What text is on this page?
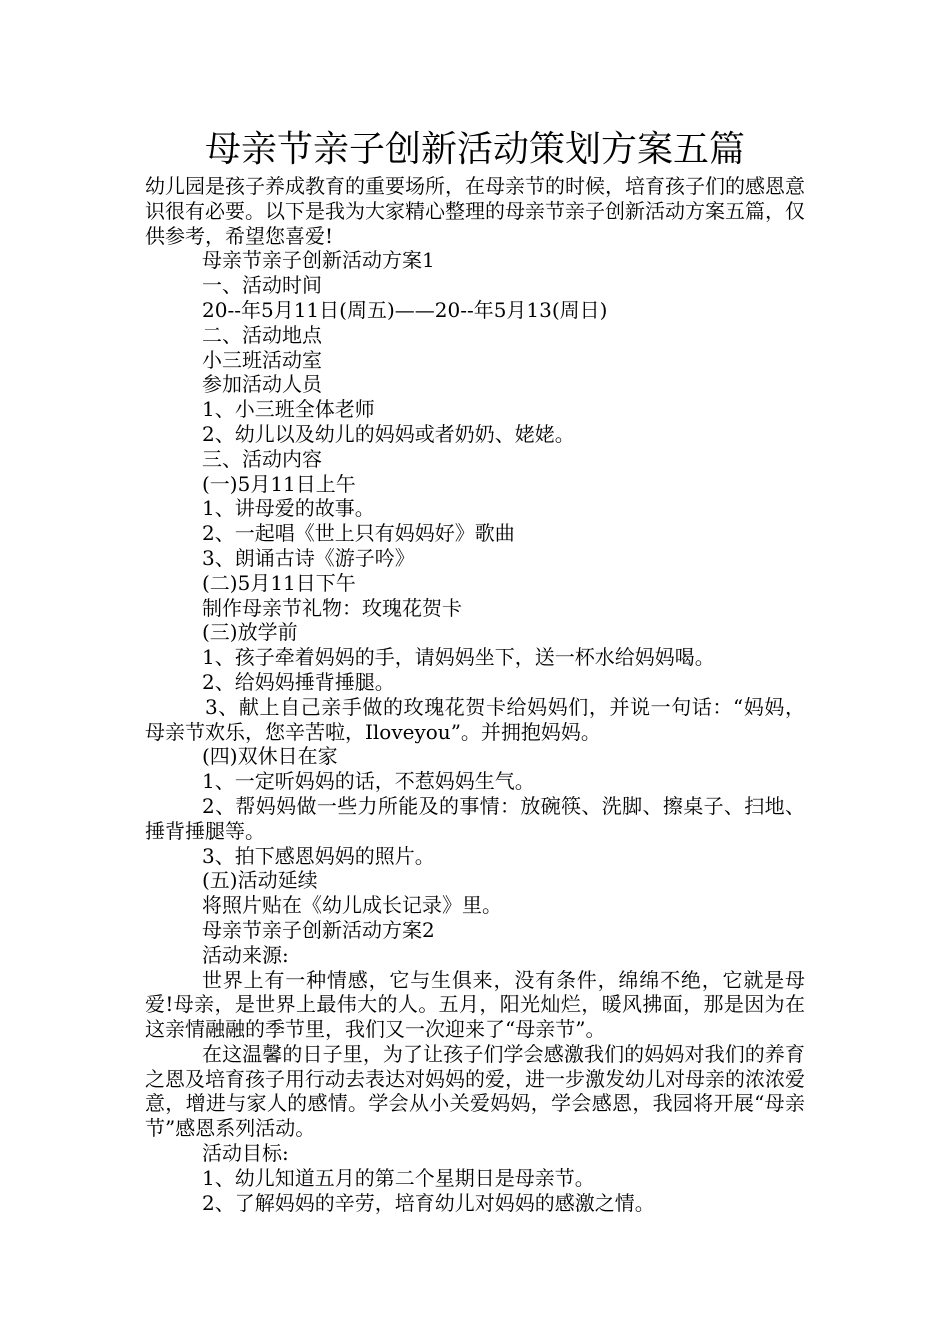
母亲节亲子创新活动策划方案五篇

幼儿园是孩子养成教育的重要场所，在母亲节的时候，培育孩子们的感恩意识很有必要。以下是我为大家精心整理的母亲节亲子创新活动方案五篇，仅供参考，希望您喜爱!

母亲节亲子创新活动方案1

一、活动时间

20--年5月11日(周五)——20--年5月13(周日)

二、活动地点

小三班活动室

参加活动人员

1、小三班全体老师

2、幼儿以及幼儿的妈妈或者奶奶、姥姥。

三、活动内容

(一)5月11日上午

1、讲母爱的故事。

2、一起唱《世上只有妈妈好》歌曲

3、朗诵古诗《游子吟》

(二)5月11日下午

制作母亲节礼物：玫瑰花贺卡

(三)放学前

1、孩子牵着妈妈的手，请妈妈坐下，送一杯水给妈妈喝。

2、给妈妈捶背捶腿。

3、献上自己亲手做的玫瑰花贺卡给妈妈们，并说一句话：“妈妈，母亲节欢乐，您辛苦啦，Iloveyou”。并拥抱妈妈。

(四)双休日在家

1、一定听妈妈的话，不惹妈妈生气。

2、帮妈妈做一些力所能及的事情：放碗筷、洗脚、擦桌子、扫地、捶背捶腿等。

3、拍下感恩妈妈的照片。

(五)活动延续

将照片贴在《幼儿成长记录》里。

母亲节亲子创新活动方案2

活动来源:

世界上有一种情感，它与生俱来，没有条件，绵绵不绝，它就是母爱!母亲，是世界上最伟大的人。五月，阳光灿烂，暖风拂面，那是因为在这亲情融融的季节里，我们又一次迎来了“母亲节”。

在这温馨的日子里，为了让孩子们学会感激我们的妈妈对我们的养育之恩及培育孩子用行动去表达对妈妈的爱，进一步激发幼儿对母亲的浓浓爱意，增进与家人的感情。学会从小关爱妈妈，学会感恩，我园将开展“母亲节”感恩系列活动。

活动目标:

1、幼儿知道五月的第二个星期日是母亲节。

2、了解妈妈的辛劳，培育幼儿对妈妈的感激之情。
